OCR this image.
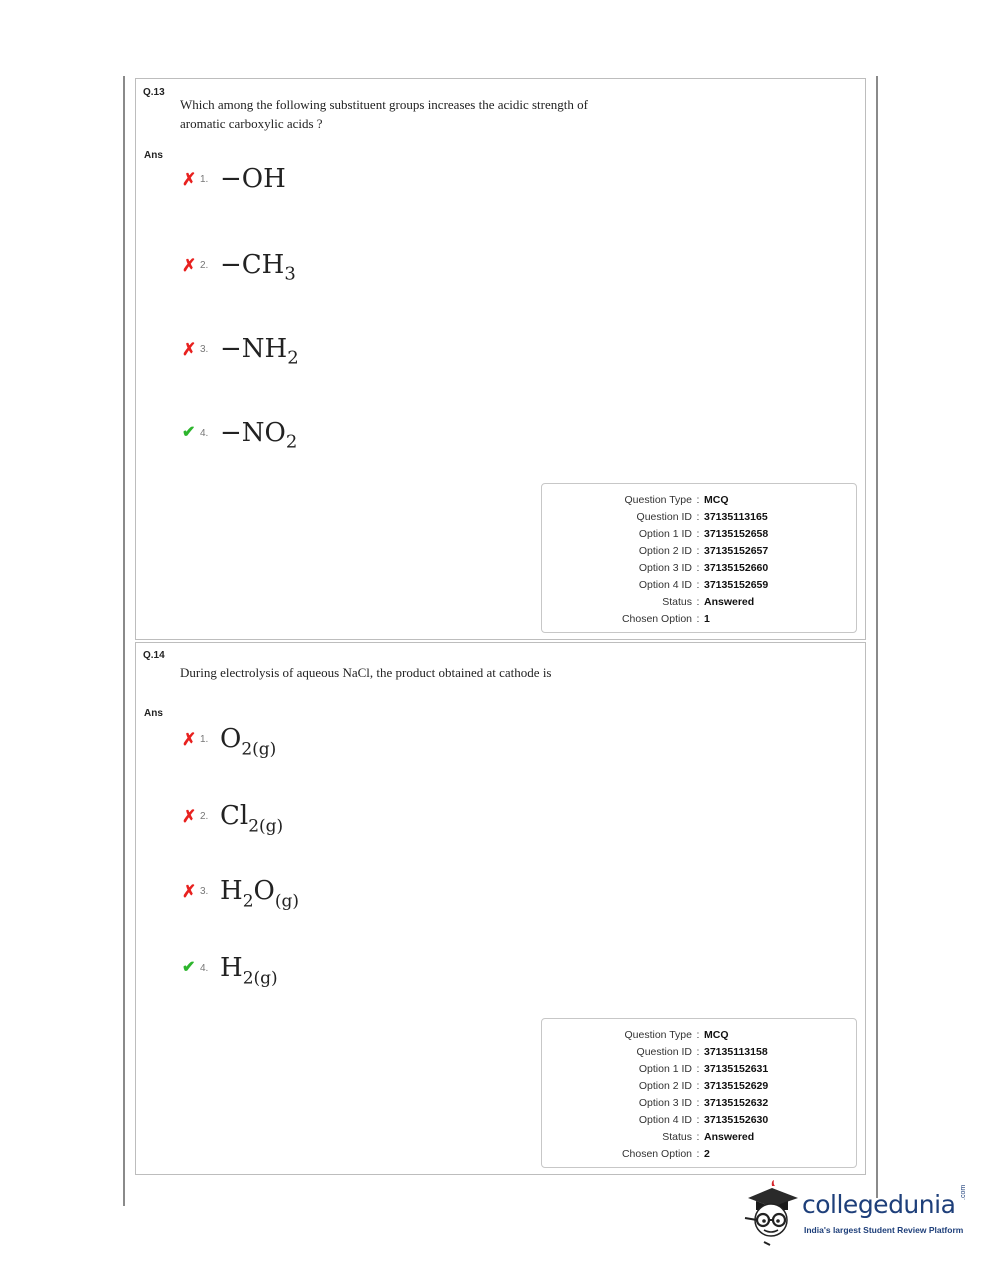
Q.13
Which among the following substituent groups increases the acidic strength of
aromatic carboxylic acids ?
Ans
✗ 1. −OH
✗ 2. $-CH_3$
✗ 3. $-NH_2$
✔ 4. $-NO_2$
Question Type	:	MCQ
Question ID	:	37135113165
Option 1 ID	:	37135152658
Option 2 ID	:	37135152657
Option 3 ID	:	37135152660
Option 4 ID	:	37135152659
Status	:	Answered
Chosen Option	:	1
Q.14
During electrolysis of aqueous NaCl, the product obtained at cathode is
Ans
✗ 1. $O_{2(g)}$
✗ 2. $Cl_{2(g)}$
✗ 3. $H_2O_{(g)}$
✔ 4. $H_{2(g)}$
Question Type	:	MCQ
Question ID	:	37135113158
Option 1 ID	:	37135152631
Option 2 ID	:	37135152629
Option 3 ID	:	37135152632
Option 4 ID	:	37135152630
Status	:	Answered
Chosen Option	:	2
collegedunia
India's largest Student Review Platform
.com
